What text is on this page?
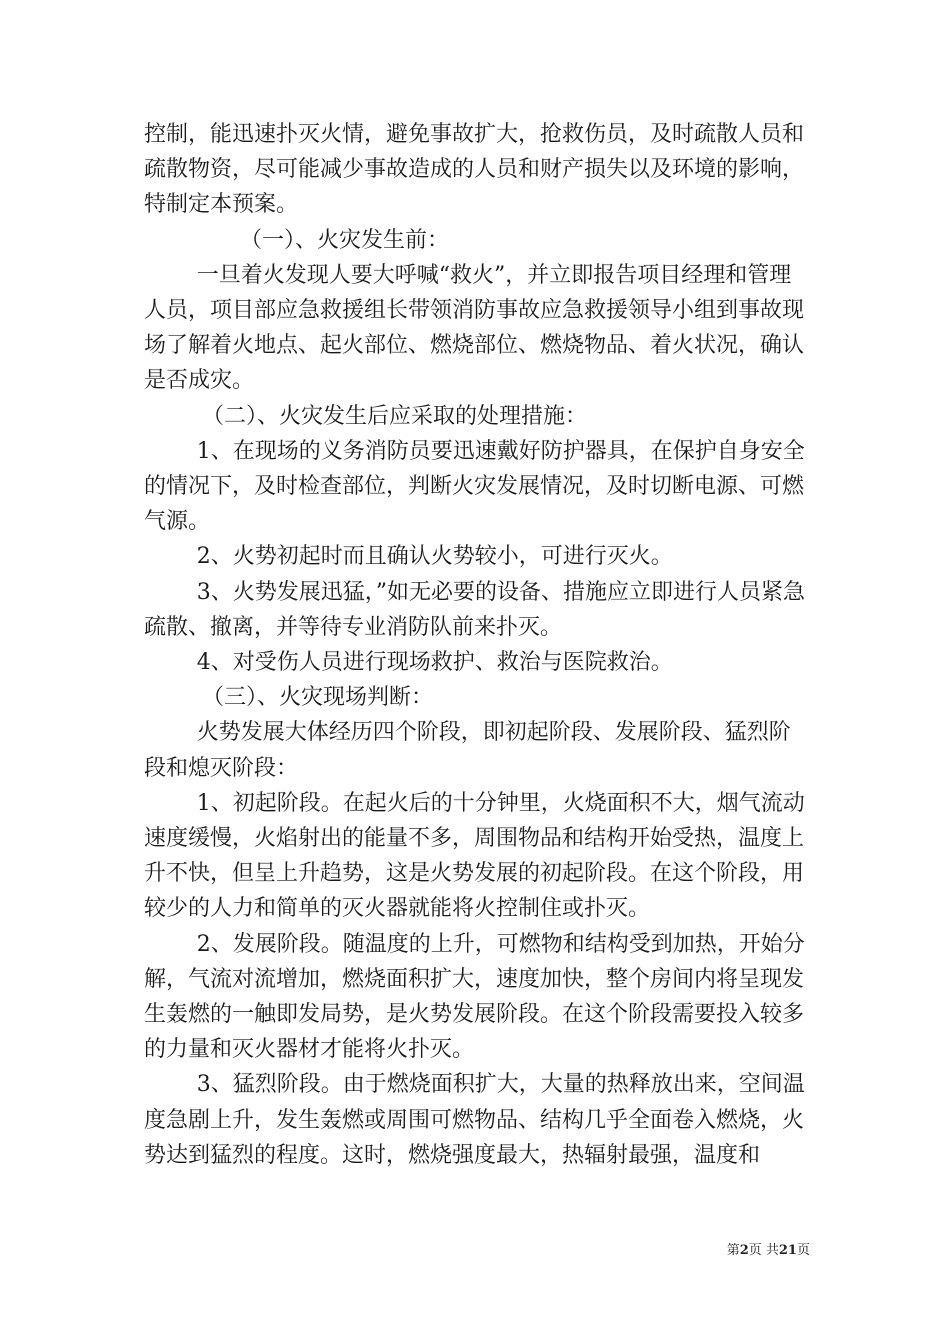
控制，能迅速扑灭火情，避免事故扩大，抢救伤员，及时疏散人员和疏散物资，尽可能减少事故造成的人员和财产损失以及环境的影响，特制定本预案。

（一）、火灾发生前：

一旦着火发现人要大呼喊“救火”，并立即报告项目经理和管理人员，项目部应急救援组长带领消防事故应急救援领导小组到事故现场了解着火地点、起火部位、燃烧部位、燃烧物品、着火状况，确认是否成灾。

（二）、火灾发生后应采取的处理措施：

1、在现场的义务消防员要迅速戴好防护器具，在保护自身安全的情况下，及时检查部位，判断火灾发展情况，及时切断电源、可燃气源。

2、火势初起时而且确认火势较小，可进行灭火。

3、火势发展迅猛，”如无必要的设备、措施应立即进行人员紧急疏散、撤离，并等待专业消防队前来扑灭。

4、对受伤人员进行现场救护、救治与医院救治。

（三）、火灾现场判断：

火势发展大体经历四个阶段，即初起阶段、发展阶段、猛烈阶段和熄灭阶段：

1、初起阶段。在起火后的十分钟里，火烧面积不大，烟气流动速度缓慢，火焰射出的能量不多，周围物品和结构开始受热，温度上升不快，但呈上升趋势，这是火势发展的初起阶段。在这个阶段，用较少的人力和简单的灭火器就能将火控制住或扑灭。

2、发展阶段。随温度的上升，可燃物和结构受到加热，开始分解，气流对流增加，燃烧面积扩大，速度加快，整个房间内将呈现发生轰燃的一触即发局势，是火势发展阶段。在这个阶段需要投入较多的力量和灭火器材才能将火扑灭。

3、猛烈阶段。由于燃烧面积扩大，大量的热释放出来，空间温度急剧上升，发生轰燃或周围可燃物品、结构几乎全面卷入燃烧，火势达到猛烈的程度。这时，燃烧强度最大，热辐射最强，温度和

第2页 共21页
